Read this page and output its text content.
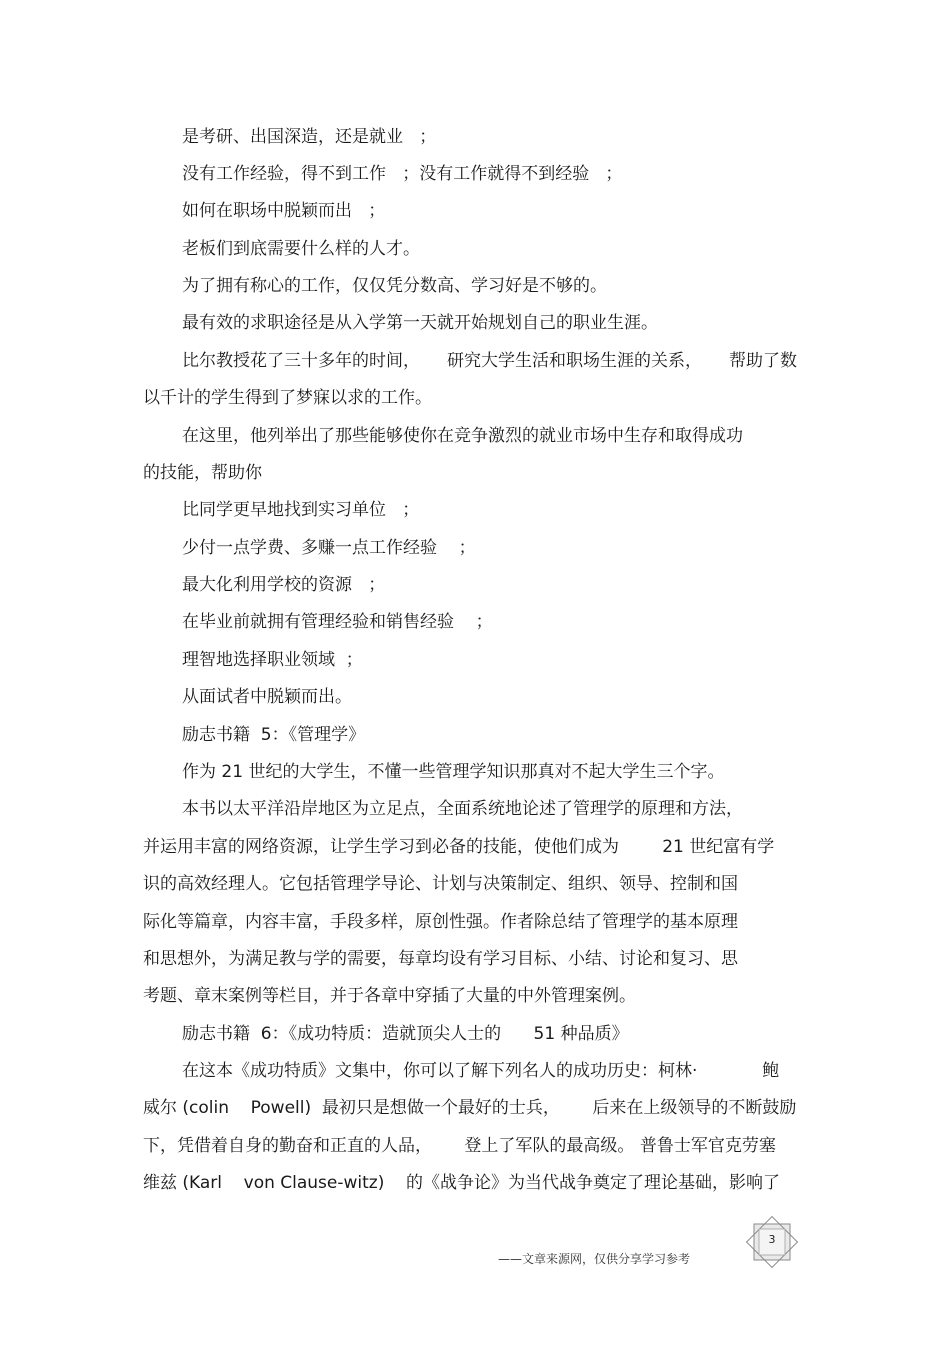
是考研、出国深造，还是就业   ；

没有工作经验，得不到工作   ；没有工作就得不到经验   ；

如何在职场中脱颖而出   ；

老板们到底需要什么样的人才。

为了拥有称心的工作，仅仅凭分数高、学习好是不够的。

最有效的求职途径是从入学第一天就开始规划自己的职业生涯。

比尔教授花了三十多年的时间，     研究大学生活和职场生涯的关系，     帮助了数

以千计的学生得到了梦寐以求的工作。

在这里，他列举出了那些能够使你在竞争激烈的就业市场中生存和取得成功

的技能，帮助你

比同学更早地找到实习单位   ；

少付一点学费、多赚一点工作经验    ；

最大化利用学校的资源   ；

在毕业前就拥有管理经验和销售经验    ；

理智地选择职业领域  ；

从面试者中脱颖而出。

励志书籍  5：《管理学》

作为 21 世纪的大学生，不懂一些管理学知识那真对不起大学生三个字。

本书以太平洋沿岸地区为立足点，全面系统地论述了管理学的原理和方法，

并运用丰富的网络资源，让学生学习到必备的技能，使他们成为        21 世纪富有学

识的高效经理人。它包括管理学导论、计划与决策制定、组织、领导、控制和国

际化等篇章，内容丰富，手段多样，原创性强。作者除总结了管理学的基本原理

和思想外，为满足教与学的需要，每章均设有学习目标、小结、讨论和复习、思

考题、章末案例等栏目，并于各章中穿插了大量的中外管理案例。

励志书籍  6：《成功特质：造就顶尖人士的      51 种品质》

在这本《成功特质》文集中，你可以了解下列名人的成功历史：柯林·            鲍

威尔 (colin    Powell)  最初只是想做一个最好的士兵，      后来在上级领导的不断鼓励

下，凭借着自身的勤奋和正直的人品，      登上了军队的最高级。 普鲁士军官克劳塞

维兹 (Karl    von Clause-witz)    的《战争论》为当代战争奠定了理论基础，影响了

3
——文章来源网，仅供分享学习参考
